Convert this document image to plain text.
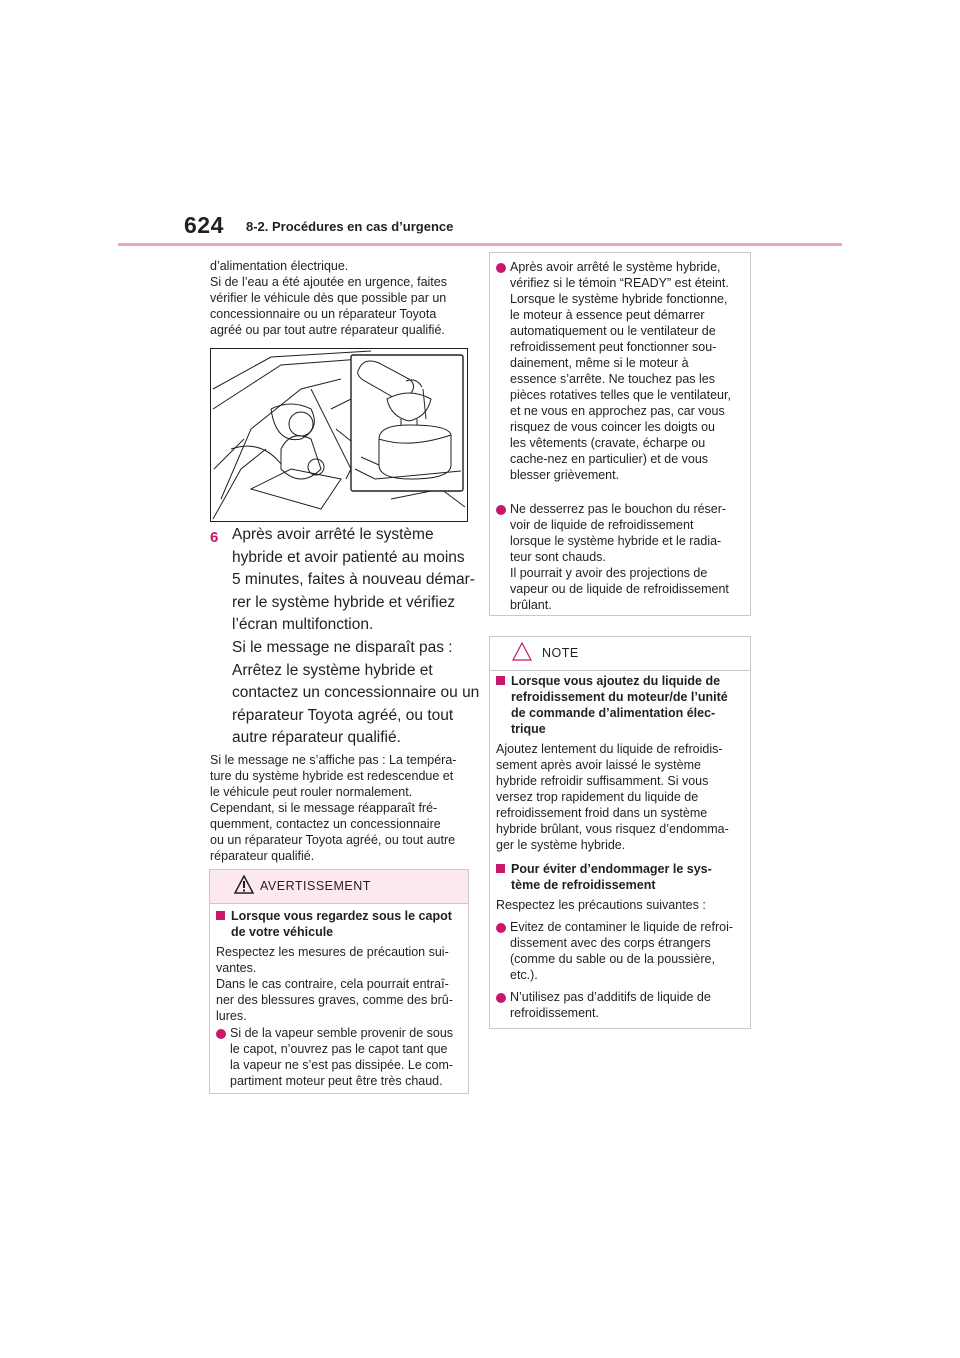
624 8-2. Procédures en cas d’urgence
d’alimentation électrique.
Si de l’eau a été ajoutée en urgence, faites
vérifier le véhicule dès que possible par un
concessionnaire ou un réparateur Toyota
agréé ou par tout autre réparateur qualifié.
6 Après avoir arrêté le système
hybride et avoir patienté au moins
5 minutes, faites à nouveau démar-
rer le système hybride et vérifiez
l’écran multifonction.
Si le message ne disparaît pas :
Arrêtez le système hybride et
contactez un concessionnaire ou un
réparateur Toyota agréé, ou tout
autre réparateur qualifié.
Si le message ne s’affiche pas : La tempéra-
ture du système hybride est redescendue et
le véhicule peut rouler normalement.
Cependant, si le message réapparaît fré-
quemment, contactez un concessionnaire
ou un réparateur Toyota agréé, ou tout autre
réparateur qualifié.
AVERTISSEMENT
Lorsque vous regardez sous le capot
de votre véhicule
Respectez les mesures de précaution sui-
vantes.
Dans le cas contraire, cela pourrait entraî-
ner des blessures graves, comme des brû-
lures.
Si de la vapeur semble provenir de sous
le capot, n’ouvrez pas le capot tant que
la vapeur ne s’est pas dissipée. Le com-
partiment moteur peut être très chaud.
Après avoir arrêté le système hybride,
vérifiez si le témoin “READY” est éteint.
Lorsque le système hybride fonctionne,
le moteur à essence peut démarrer
automatiquement ou le ventilateur de
refroidissement peut fonctionner sou-
dainement, même si le moteur à
essence s’arrête. Ne touchez pas les
pièces rotatives telles que le ventilateur,
et ne vous en approchez pas, car vous
risquez de vous coincer les doigts ou
les vêtements (cravate, écharpe ou
cache-nez en particulier) et de vous
blesser grièvement.
Ne desserrez pas le bouchon du réser-
voir de liquide de refroidissement
lorsque le système hybride et le radia-
teur sont chauds.
Il pourrait y avoir des projections de
vapeur ou de liquide de refroidissement
brûlant.
NOTE
Lorsque vous ajoutez du liquide de
refroidissement du moteur/de l’unité
de commande d’alimentation élec-
trique
Ajoutez lentement du liquide de refroidis-
sement après avoir laissé le système
hybride refroidir suffisamment. Si vous
versez trop rapidement du liquide de
refroidissement froid dans un système
hybride brûlant, vous risquez d’endomma-
ger le système hybride.
Pour éviter d’endommager le sys-
tème de refroidissement
Respectez les précautions suivantes :
Evitez de contaminer le liquide de refroi-
dissement avec des corps étrangers
(comme du sable ou de la poussière,
etc.).
N’utilisez pas d’additifs de liquide de
refroidissement.
